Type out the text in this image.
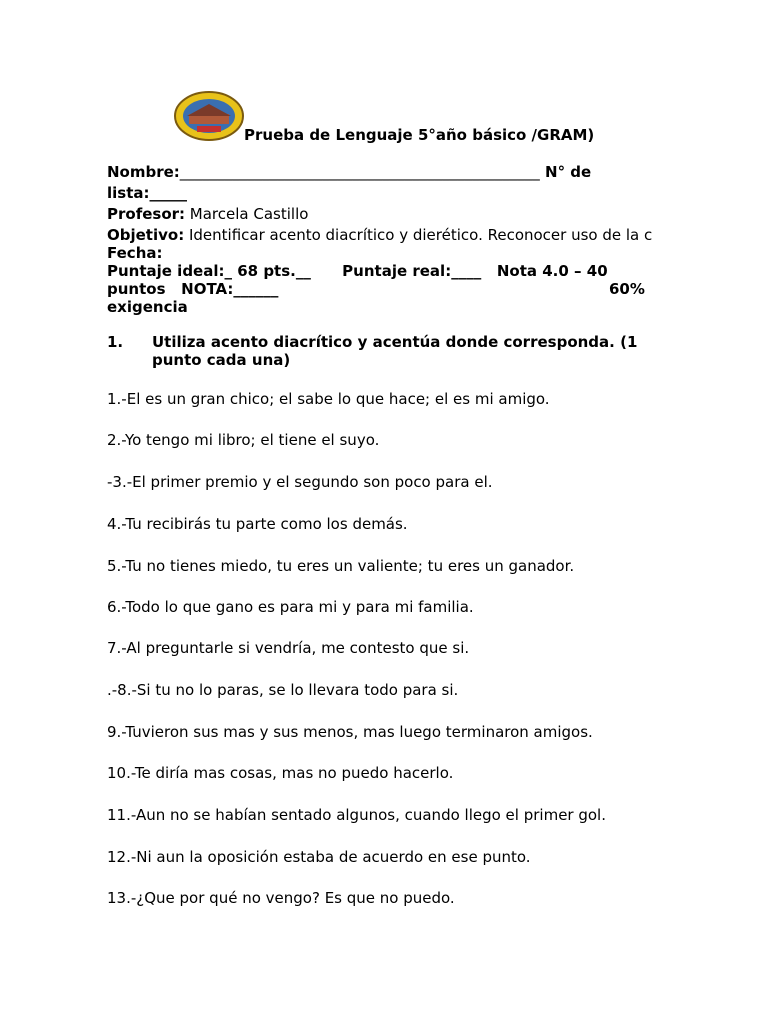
Prueba de Lenguaje 5°año básico /GRAM)
Nombre:________________________________________________ N° de
lista:_____
Profesor: Marcela Castillo
Objetivo: Identificar acento diacrítico y dierético. Reconocer uso de la c
Fecha:
Puntaje ideal:_ 68 pts.__      Puntaje real:____   Nota 4.0 – 40
puntos   NOTA:______	60%
exigencia
1. Utiliza acento diacrítico y acentúa donde corresponda. (1
punto cada una)
1.-El es un gran chico; el sabe lo que hace; el es mi amigo.
2.-Yo tengo mi libro; el tiene el suyo.
-3.-El primer premio y el segundo son poco para el.
4.-Tu recibirás tu parte como los demás.
5.-Tu no tienes miedo, tu eres un valiente; tu eres un ganador.
6.-Todo lo que gano es para mi y para mi familia.
7.-Al preguntarle si vendría, me contesto que si.
.-8.-Si tu no lo paras, se lo llevara todo para si.
9.-Tuvieron sus mas y sus menos, mas luego terminaron amigos.
10.-Te diría mas cosas, mas no puedo hacerlo.
11.-Aun no se habían sentado algunos, cuando llego el primer gol.
12.-Ni aun la oposición estaba de acuerdo en ese punto.
13.-¿Que por qué no vengo? Es que no puedo.
